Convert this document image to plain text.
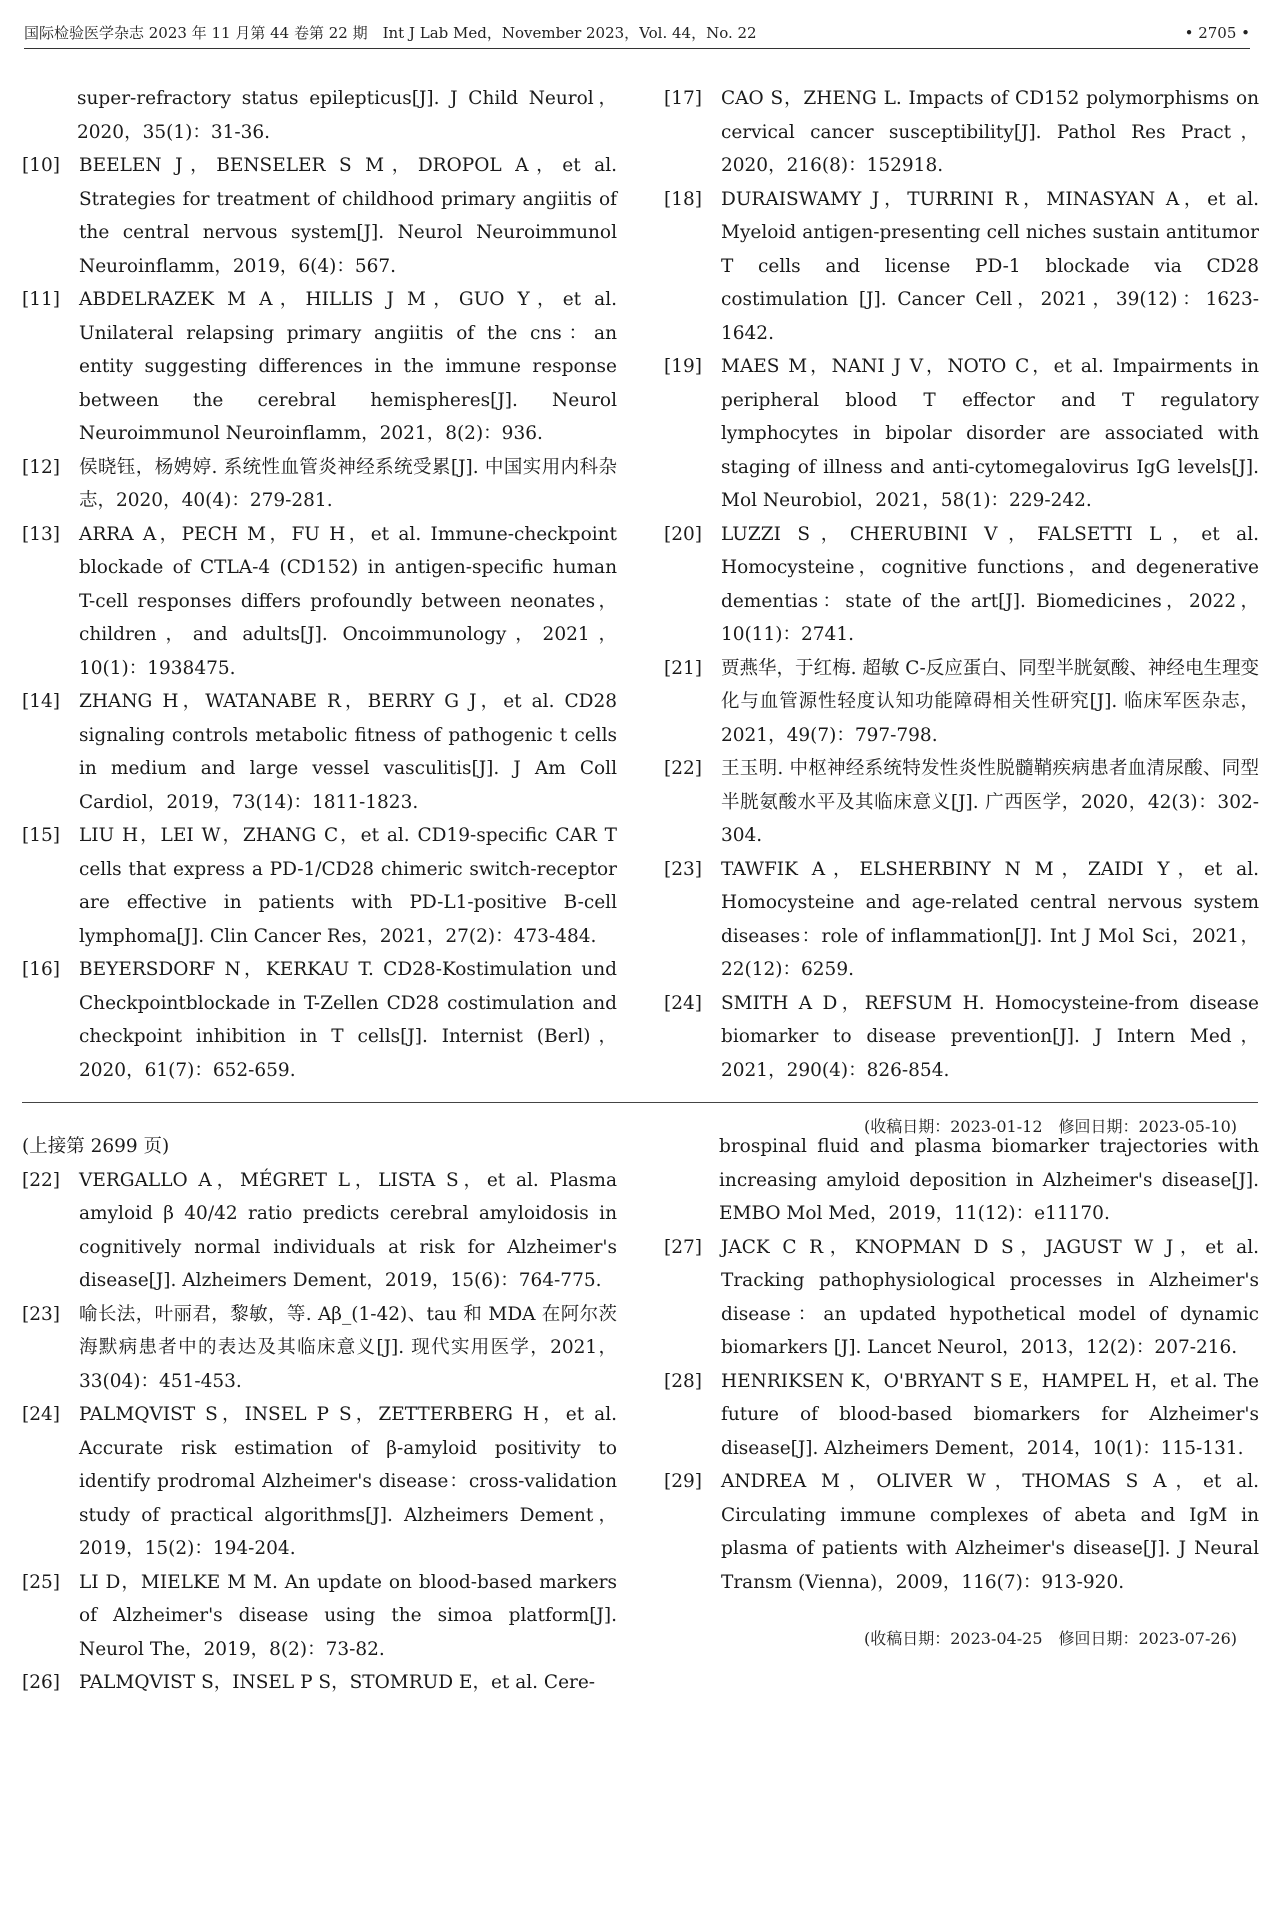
国际检验医学杂志 2023 年 11 月第 44 卷第 22 期　Int J Lab Med，November 2023，Vol. 44，No. 22	• 2705 •

super-refractory status epilepticus[J]. J Child Neurol，2020，35(1)：31-36.

[10] BEELEN J，BENSELER S M，DROPOL A，et al. Strategies for treatment of childhood primary angiitis of the central nervous system[J]. Neurol Neuroimmunol Neuroinflamm，2019，6(4)：567.

[11] ABDELRAZEK M A，HILLIS J M，GUO Y，et al. Unilateral relapsing primary angiitis of the cns：an entity suggesting differences in the immune response between the cerebral hemispheres[J]. Neurol Neuroimmunol Neuroinflamm，2021，8(2)：936.

[12] 侯晓钰，杨娉婷. 系统性血管炎神经系统受累[J]. 中国实用内科杂志，2020，40(4)：279-281.

[13] ARRA A，PECH M，FU H，et al. Immune-checkpoint blockade of CTLA-4 (CD152) in antigen-specific human T-cell responses differs profoundly between neonates，children，and adults[J]. Oncoimmunology，2021，10(1)：1938475.

[14] ZHANG H，WATANABE R，BERRY G J，et al. CD28 signaling controls metabolic fitness of pathogenic t cells in medium and large vessel vasculitis[J]. J Am Coll Cardiol，2019，73(14)：1811-1823.

[15] LIU H，LEI W，ZHANG C，et al. CD19-specific CAR T cells that express a PD-1/CD28 chimeric switch-receptor are effective in patients with PD-L1-positive B-cell lymphoma[J]. Clin Cancer Res，2021，27(2)：473-484.

[16] BEYERSDORF N，KERKAU T. CD28-Kostimulation und Checkpointblockade in T-Zellen CD28 costimulation and checkpoint inhibition in T cells[J]. Internist (Berl)，2020，61(7)：652-659.

[17] CAO S，ZHENG L. Impacts of CD152 polymorphisms on cervical cancer susceptibility[J]. Pathol Res Pract，2020，216(8)：152918.

[18] DURAISWAMY J，TURRINI R，MINASYAN A，et al. Myeloid antigen-presenting cell niches sustain antitumor T cells and license PD-1 blockade via CD28 costimulation [J]. Cancer Cell，2021，39(12)：1623-1642.

[19] MAES M，NANI J V，NOTO C，et al. Impairments in peripheral blood T effector and T regulatory lymphocytes in bipolar disorder are associated with staging of illness and anti-cytomegalovirus IgG levels[J]. Mol Neurobiol，2021，58(1)：229-242.

[20] LUZZI S，CHERUBINI V，FALSETTI L，et al. Homocysteine，cognitive functions，and degenerative dementias：state of the art[J]. Biomedicines，2022，10(11)：2741.

[21] 贾燕华，于红梅. 超敏 C-反应蛋白、同型半胱氨酸、神经电生理变化与血管源性轻度认知功能障碍相关性研究[J]. 临床军医杂志，2021，49(7)：797-798.

[22] 王玉明. 中枢神经系统特发性炎性脱髓鞘疾病患者血清尿酸、同型半胱氨酸水平及其临床意义[J]. 广西医学，2020，42(3)：302-304.

[23] TAWFIK A，ELSHERBINY N M，ZAIDI Y，et al. Homocysteine and age-related central nervous system diseases：role of inflammation[J]. Int J Mol Sci，2021，22(12)：6259.

[24] SMITH A D，REFSUM H. Homocysteine-from disease biomarker to disease prevention[J]. J Intern Med，2021，290(4)：826-854.

(收稿日期：2023-01-12　修回日期：2023-05-10)

(上接第 2699 页)

[22] VERGALLO A，MÉGRET L，LISTA S，et al. Plasma amyloid β 40/42 ratio predicts cerebral amyloidosis in cognitively normal individuals at risk for Alzheimer's disease[J]. Alzheimers Dement，2019，15(6)：764-775.

[23] 喻长法，叶丽君，黎敏，等. Aβ_(1-42)、tau 和 MDA 在阿尔茨海默病患者中的表达及其临床意义[J]. 现代实用医学，2021，33(04)：451-453.

[24] PALMQVIST S，INSEL P S，ZETTERBERG H，et al. Accurate risk estimation of β-amyloid positivity to identify prodromal Alzheimer's disease：cross-validation study of practical algorithms[J]. Alzheimers Dement，2019，15(2)：194-204.

[25] LI D，MIELKE M M. An update on blood-based markers of Alzheimer's disease using the simoa platform[J]. Neurol The，2019，8(2)：73-82.

[26] PALMQVIST S，INSEL P S，STOMRUD E，et al. Cere-

brospinal fluid and plasma biomarker trajectories with increasing amyloid deposition in Alzheimer's disease[J]. EMBO Mol Med，2019，11(12)：e11170.

[27] JACK C R，KNOPMAN D S，JAGUST W J，et al. Tracking pathophysiological processes in Alzheimer's disease：an updated hypothetical model of dynamic biomarkers [J]. Lancet Neurol，2013，12(2)：207-216.

[28] HENRIKSEN K，O'BRYANT S E，HAMPEL H，et al. The future of blood-based biomarkers for Alzheimer's disease[J]. Alzheimers Dement，2014，10(1)：115-131.

[29] ANDREA M，OLIVER W，THOMAS S A，et al. Circulating immune complexes of abeta and IgM in plasma of patients with Alzheimer's disease[J]. J Neural Transm (Vienna)，2009，116(7)：913-920.

(收稿日期：2023-04-25　修回日期：2023-07-26)
